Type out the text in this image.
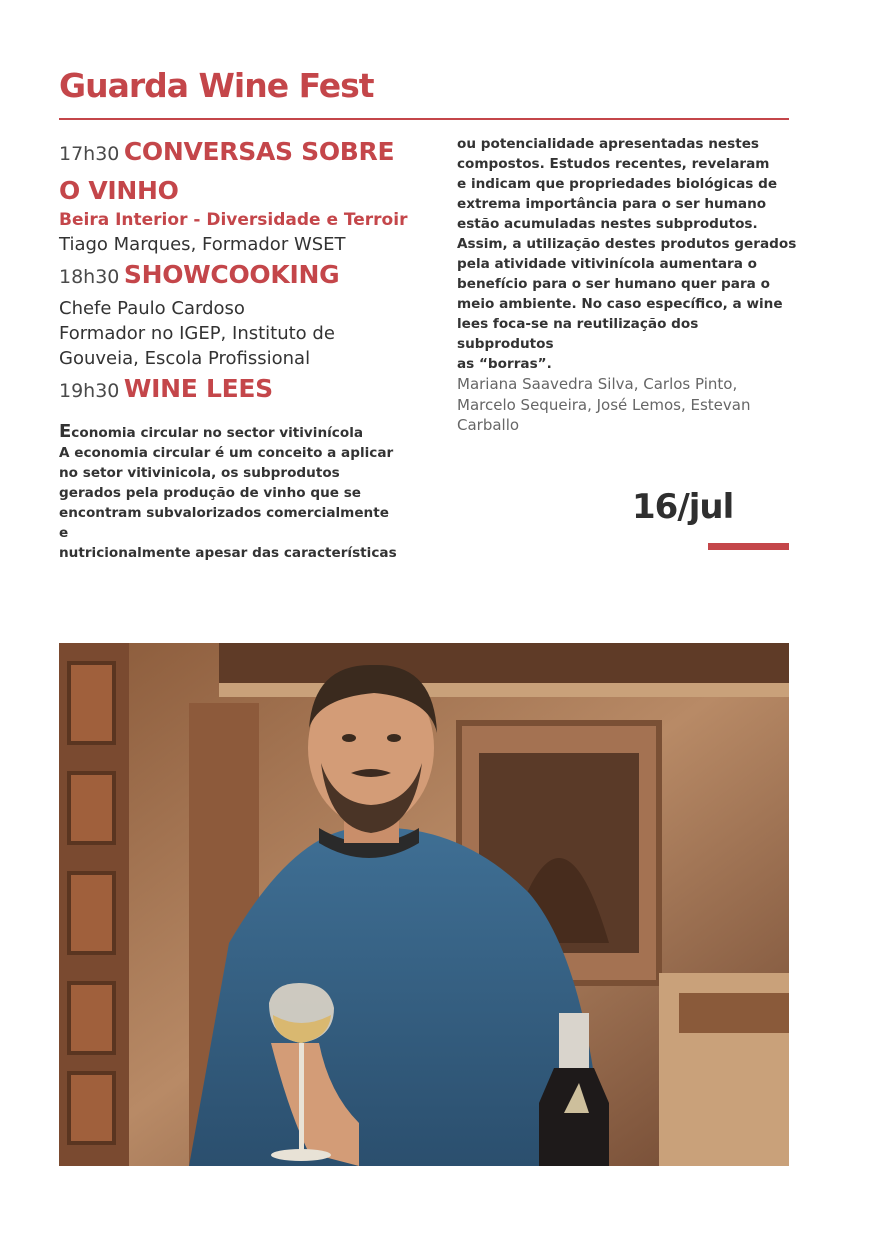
Guarda Wine Fest
17h30 CONVERSAS SOBRE
O VINHO
Beira Interior - Diversidade e Terroir
Tiago Marques, Formador WSET
18h30 SHOWCOOKING
Chefe Paulo Cardoso
Formador no IGEP, Instituto de
Gouveia, Escola Profissional
19h30 WINE LEES
Economia circular no sector vitivinícola
A economia circular é um conceito a aplicar
no setor vitivinicola, os subprodutos
gerados pela produção de vinho que se
encontram subvalorizados comercialmente e
nutricionalmente apesar das características
ou potencialidade apresentadas nestes
compostos. Estudos recentes, revelaram
e indicam que propriedades biológicas de
extrema importância para o ser humano
estão acumuladas nestes subprodutos.
Assim, a utilização destes produtos gerados
pela atividade vitivinícola aumentara o
benefício para o ser humano quer para o
meio ambiente. No caso específico, a wine
lees foca-se na reutilização dos subprodutos
as “borras”.
Mariana Saavedra Silva, Carlos Pinto,
Marcelo Sequeira, José Lemos, Estevan
Carballo
16/jul
